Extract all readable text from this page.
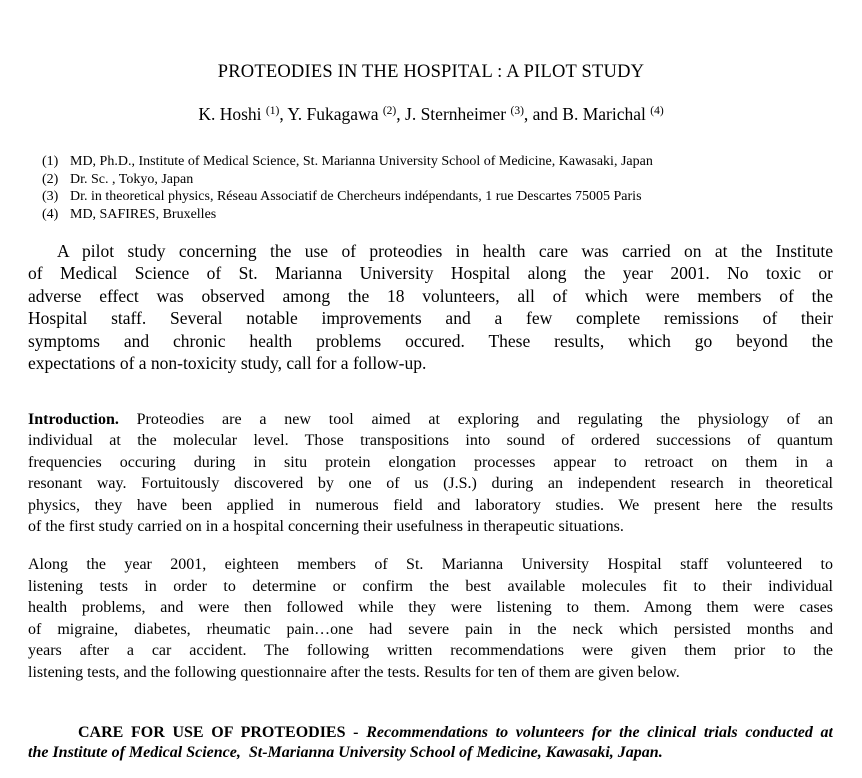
PROTEODIES IN THE HOSPITAL : A PILOT STUDY
K. Hoshi $^{(1)}$, Y. Fukagawa $^{(2)}$, J. Sternheimer $^{(3)}$, and B. Marichal $^{(4)}$
(1) MD, Ph.D., Institute of Medical Science, St. Marianna University School of Medicine, Kawasaki, Japan
(2) Dr. Sc. , Tokyo, Japan
(3) Dr. in theoretical physics, Réseau Associatif de Chercheurs indépendants, 1 rue Descartes 75005 Paris
(4) MD, SAFIRES, Bruxelles
A pilot study concerning the use of proteodies in health care was carried on at the Institute
of Medical Science of St. Marianna University Hospital along the year 2001. No toxic or
adverse effect was observed among the 18 volunteers, all of which were members of the
Hospital staff. Several notable improvements and a few complete remissions of their
symptoms and chronic health problems occured. These results, which go beyond the
expectations of a non-toxicity study, call for a follow-up.
Introduction. Proteodies are a new tool aimed at exploring and regulating the physiology of an
individual at the molecular level. Those transpositions into sound of ordered successions of quantum
frequencies occuring during in situ protein elongation processes appear to retroact on them in a
resonant way. Fortuitously discovered by one of us (J.S.) during an independent research in theoretical
physics, they have been applied in numerous field and laboratory studies. We present here the results
of the first study carried on in a hospital concerning their usefulness in therapeutic situations.
Along the year 2001, eighteen members of St. Marianna University Hospital staff volunteered to
listening tests in order to determine or confirm the best available molecules fit to their individual
health problems, and were then followed while they were listening to them. Among them were cases
of migraine, diabetes, rheumatic pain…one had severe pain in the neck which persisted months and
years after a car accident. The following written recommendations were given them prior to the
listening tests, and the following questionnaire after the tests. Results for ten of them are given below.
CARE FOR USE OF PROTEODIES - Recommendations to volunteers for the clinical trials conducted at
the Institute of Medical Science,  St-Marianna University School of Medicine, Kawasaki, Japan.
